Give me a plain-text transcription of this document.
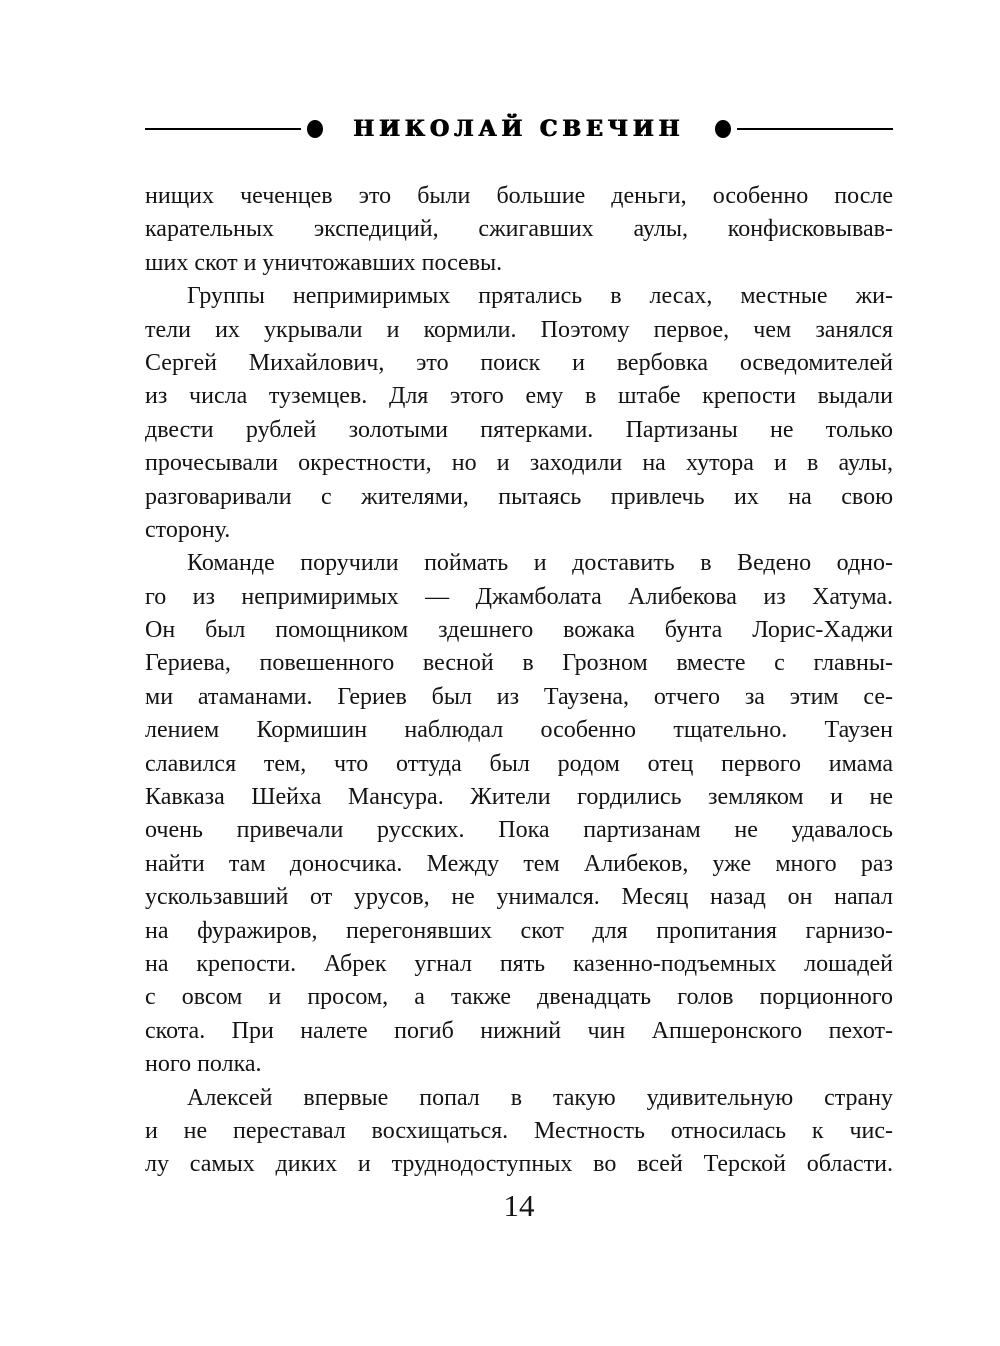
НИКОЛАЙ СВЕЧИН
нищих чеченцев это были большие деньги, особенно после
карательных экспедиций, сжигавших аулы, конфисковывав-
ших скот и уничтожавших посевы.
Группы непримиримых прятались в лесах, местные жи-
тели их укрывали и кормили. Поэтому первое, чем занялся
Сергей Михайлович, это поиск и вербовка осведомителей
из числа туземцев. Для этого ему в штабе крепости выдали
двести рублей золотыми пятерками. Партизаны не только
прочесывали окрестности, но и заходили на хутора и в аулы,
разговаривали с жителями, пытаясь привлечь их на свою
сторону.
Команде поручили поймать и доставить в Ведено одно-
го из непримиримых — Джамболата Алибекова из Хатума.
Он был помощником здешнего вожака бунта Лорис-Хаджи
Гериева, повешенного весной в Грозном вместе с главны-
ми атаманами. Гериев был из Таузена, отчего за этим се-
лением Кормишин наблюдал особенно тщательно. Таузен
славился тем, что оттуда был родом отец первого имама
Кавказа Шейха Мансура. Жители гордились земляком и не
очень привечали русских. Пока партизанам не удавалось
найти там доносчика. Между тем Алибеков, уже много раз
ускользавший от урусов, не унимался. Месяц назад он напал
на фуражиров, перегонявших скот для пропитания гарнизо-
на крепости. Абрек угнал пять казенно-подъемных лошадей
с овсом и просом, а также двенадцать голов порционного
скота. При налете погиб нижний чин Апшеронского пехот-
ного полка.
Алексей впервые попал в такую удивительную страну
и не переставал восхищаться. Местность относилась к чис-
лу самых диких и труднодоступных во всей Терской области.
14
